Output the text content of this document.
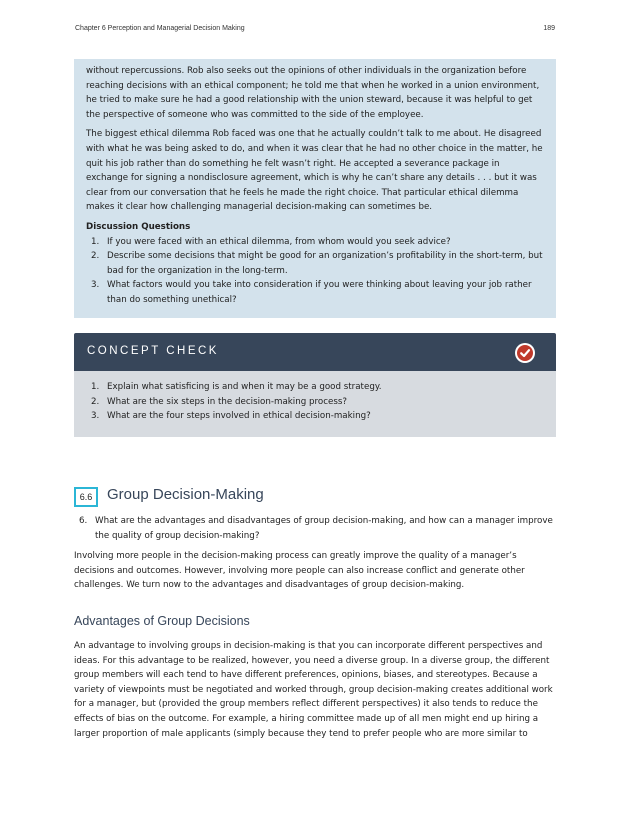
Chapter 6 Perception and Managerial Decision Making	189

without repercussions. Rob also seeks out the opinions of other individuals in the organization before reaching decisions with an ethical component; he told me that when he worked in a union environment, he tried to make sure he had a good relationship with the union steward, because it was helpful to get the perspective of someone who was committed to the side of the employee.

The biggest ethical dilemma Rob faced was one that he actually couldn’t talk to me about. He disagreed with what he was being asked to do, and when it was clear that he had no other choice in the matter, he quit his job rather than do something he felt wasn’t right. He accepted a severance package in exchange for signing a nondisclosure agreement, which is why he can’t share any details . . . but it was clear from our conversation that he feels he made the right choice. That particular ethical dilemma makes it clear how challenging managerial decision-making can sometimes be.

Discussion Questions
1. If you were faced with an ethical dilemma, from whom would you seek advice?
2. Describe some decisions that might be good for an organization’s profitability in the short-term, but bad for the organization in the long-term.
3. What factors would you take into consideration if you were thinking about leaving your job rather than do something unethical?
CONCEPT CHECK
1. Explain what satisficing is and when it may be a good strategy.
2. What are the six steps in the decision-making process?
3. What are the four steps involved in ethical decision-making?
6.6 Group Decision-Making
6. What are the advantages and disadvantages of group decision-making, and how can a manager improve the quality of group decision-making?

Involving more people in the decision-making process can greatly improve the quality of a manager’s decisions and outcomes. However, involving more people can also increase conflict and generate other challenges. We turn now to the advantages and disadvantages of group decision-making.

Advantages of Group Decisions

An advantage to involving groups in decision-making is that you can incorporate different perspectives and ideas. For this advantage to be realized, however, you need a diverse group. In a diverse group, the different group members will each tend to have different preferences, opinions, biases, and stereotypes. Because a variety of viewpoints must be negotiated and worked through, group decision-making creates additional work for a manager, but (provided the group members reflect different perspectives) it also tends to reduce the effects of bias on the outcome. For example, a hiring committee made up of all men might end up hiring a larger proportion of male applicants (simply because they tend to prefer people who are more similar to
